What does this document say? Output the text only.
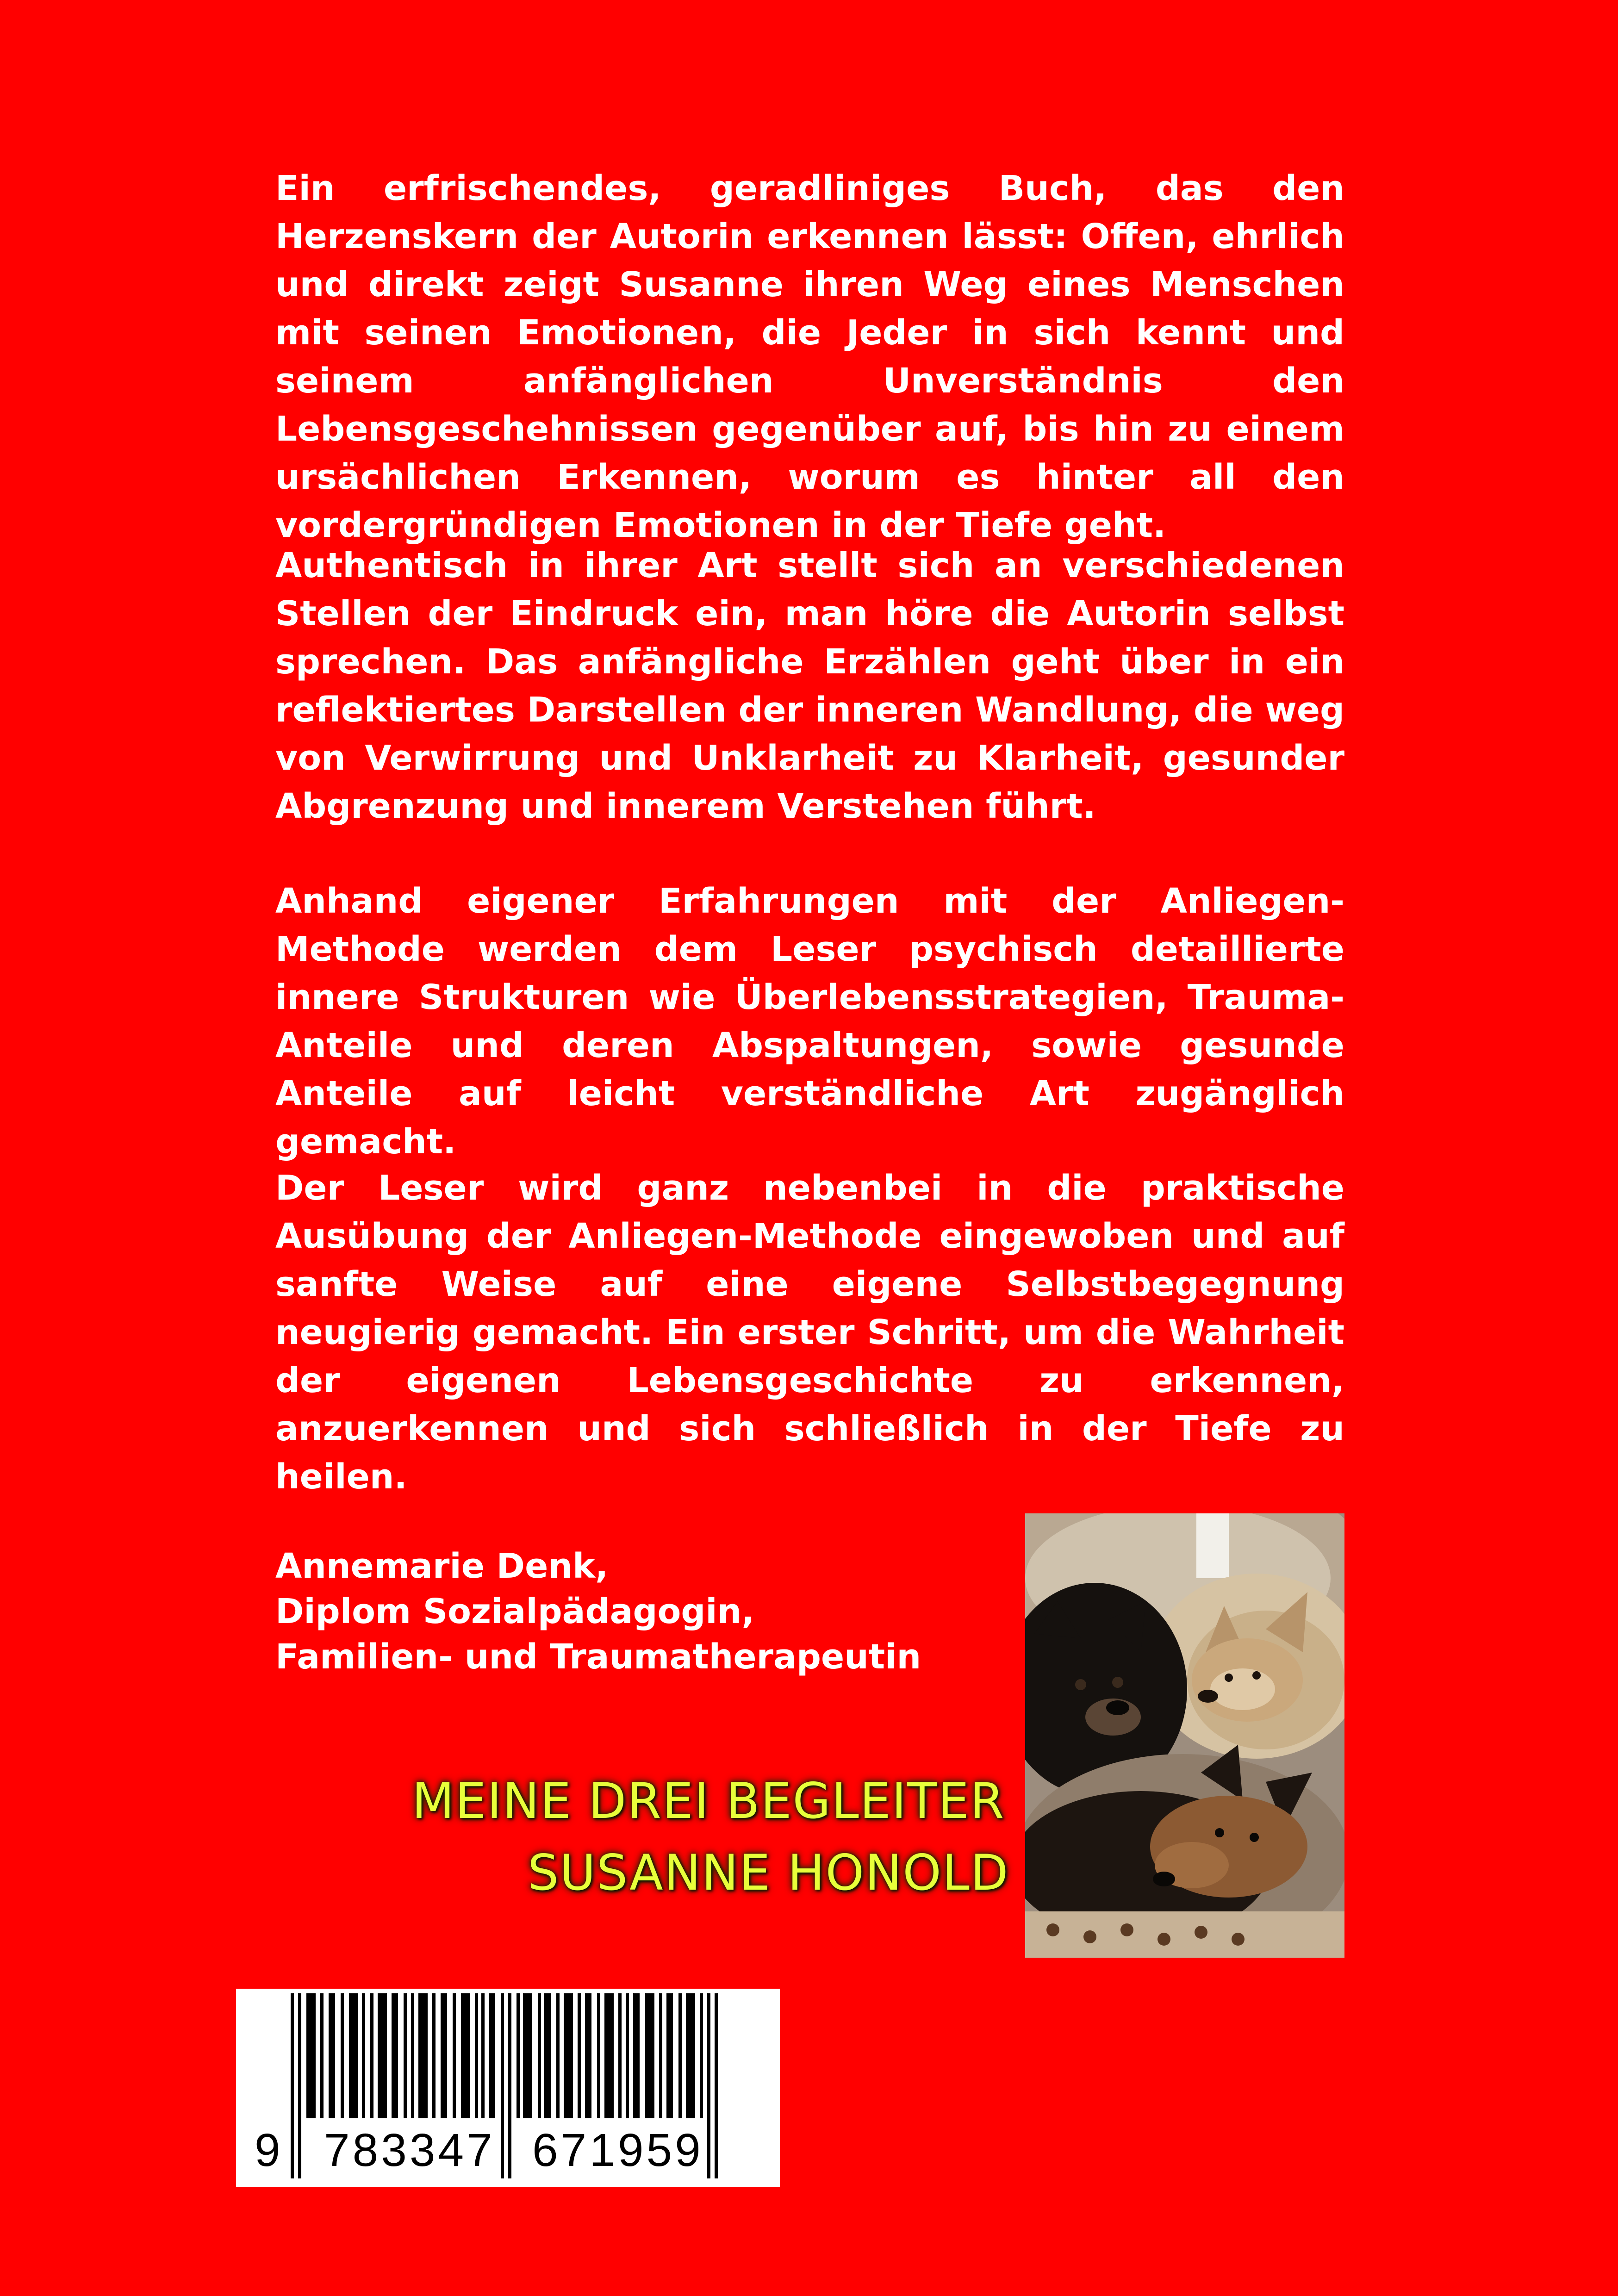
Ein erfrischendes, geradliniges Buch, das den Herzenskern der Autorin erkennen lässt: Offen, ehrlich und direkt zeigt Susanne ihren Weg eines Menschen mit seinen Emotionen, die Jeder in sich kennt und seinem anfänglichen Unverständnis den Lebensgeschehnissen gegenüber auf, bis hin zu einem ursächlichen Erkennen, worum es hinter all den vordergründigen Emotionen in der Tiefe geht.

Authentisch in ihrer Art stellt sich an verschiedenen Stellen der Eindruck ein, man höre die Autorin selbst sprechen. Das anfängliche Erzählen geht über in ein reflektiertes Darstellen der inneren Wandlung, die weg von Verwirrung und Unklarheit zu Klarheit, gesunder Abgrenzung und innerem Verstehen führt.

Anhand eigener Erfahrungen mit der Anliegen-Methode werden dem Leser psychisch detaillierte innere Strukturen wie Überlebensstrategien, Trauma-Anteile und deren Abspaltungen, sowie gesunde Anteile auf leicht verständliche Art zugänglich gemacht.

Der Leser wird ganz nebenbei in die praktische Ausübung der Anliegen-Methode eingewoben und auf sanfte Weise auf eine eigene Selbstbegegnung neugierig gemacht. Ein erster Schritt, um die Wahrheit der eigenen Lebensgeschichte zu erkennen, anzuerkennen und sich schließlich in der Tiefe zu heilen.

Annemarie Denk,
Diplom Sozialpädagogin,
Familien- und Traumatherapeutin
MEINE DREI BEGLEITER
SUSANNE HONOLD
9 783347 671959
